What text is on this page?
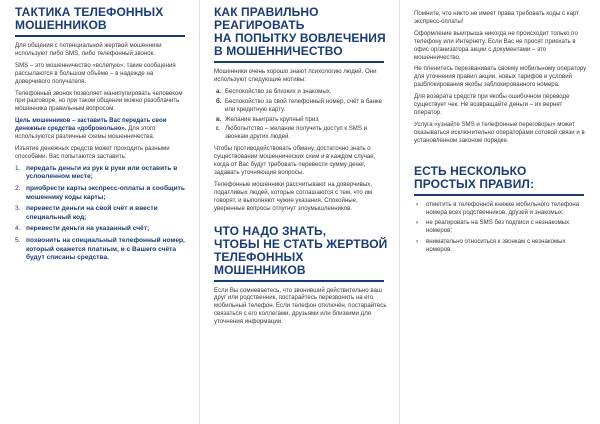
ТАКТИКА ТЕЛЕФОННЫХ
МОШЕННИКОВ

Для общения с потенциальной жертвой мошенники используют либо SMS, либо телефонный звонок.

SMS – это мошенничество «вслепую»: такие сообщения рассылаются в большом объёме – в надежде на доверчивого получателя.

Телефонный звонок позволяет манипулировать человеком при разговоре, но при таком общении можно разоблачить мошенника правильным вопросом.

Цель мошенников – заставить Вас передать свои денежные средства «добровольно». Для этого используются различные схемы мошенничества.

Изъятие денежных средств может проходить разными способами. Вас попытаются заставить:

1. передать деньги из рук в руки или оставить в условленном месте;
2. приобрести карты экспресс-оплаты и сообщить мошеннику коды карты;
3. перевести деньги на свой счёт и ввести специальный код;
4. перевести деньги на указанный счёт;
5. позвонить на специальный телефонный номер, который окажется платным, и с Вашего счёта будут списаны средства.
КАК ПРАВИЛЬНО РЕАГИРОВАТЬ
НА ПОПЫТКУ ВОВЛЕЧЕНИЯ
В МОШЕННИЧЕСТВО

Мошенники очень хорошо знают психологию людей. Они используют следующие мотивы:

а. Беспокойство за близких и знакомых.
б. Беспокойство за свой телефонный номер, счёт в банке или кредитную карту.
в. Желание выиграть крупный приз.
г. Любопытство – желание получить доступ к SMS и звонкам других людей.

Чтобы противодействовать обману, достаточно знать о существовании мошеннических схем и в каждом случае, когда от Вас будут требовать перевести сумму денег, задавать уточняющие вопросы.

Телефонные мошенники рассчитывают на доверчивых, податливых людей, которые соглашаются с тем, что им говорят, и выполняют чужие указания. Спокойные, уверенные вопросы отпугнут злоумышленников.

ЧТО НАДО ЗНАТЬ,
ЧТОБЫ НЕ СТАТЬ ЖЕРТВОЙ
ТЕЛЕФОННЫХ МОШЕННИКОВ

Если Вы сомневаетесь, что звонивший действительно ваш друг или родственник, постарайтесь перезвонить на его мобильный телефон. Если телефон отключён, постарайтесь связаться с его коллегами, друзьями или близкими для уточнения информации.

Помните, что никто не имеет права требовать коды с карт экспресс-оплаты!

Оформление выигрыша никогда не происходит только по телефону или Интернету. Если Вас не просят приехать в офис организатора акции с документами – это мошенничество.

Не пленитесь перезванивать своему мобильному оператору для уточнения правил акции, новых тарифов и условий разблокирования якобы заблокированного номера.

Для возврата средств при якобы ошибочном переводе существует чек. Не возвращайте деньги – их вернет оператор.

Услуга «узнайте SMS и телефонные переговоры» может оказываться исключительно операторами сотовой связи и в установленном законом порядке.

ЕСТЬ НЕСКОЛЬКО
ПРОСТЫХ ПРАВИЛ:
› отметить в телефонной книжке мобильного телефона номера всех родственников, друзей и знакомых;
› не реагировать на SMS без подписи с незнакомых номеров;
› внимательно относиться к звонкам с незнакомых номеров.
